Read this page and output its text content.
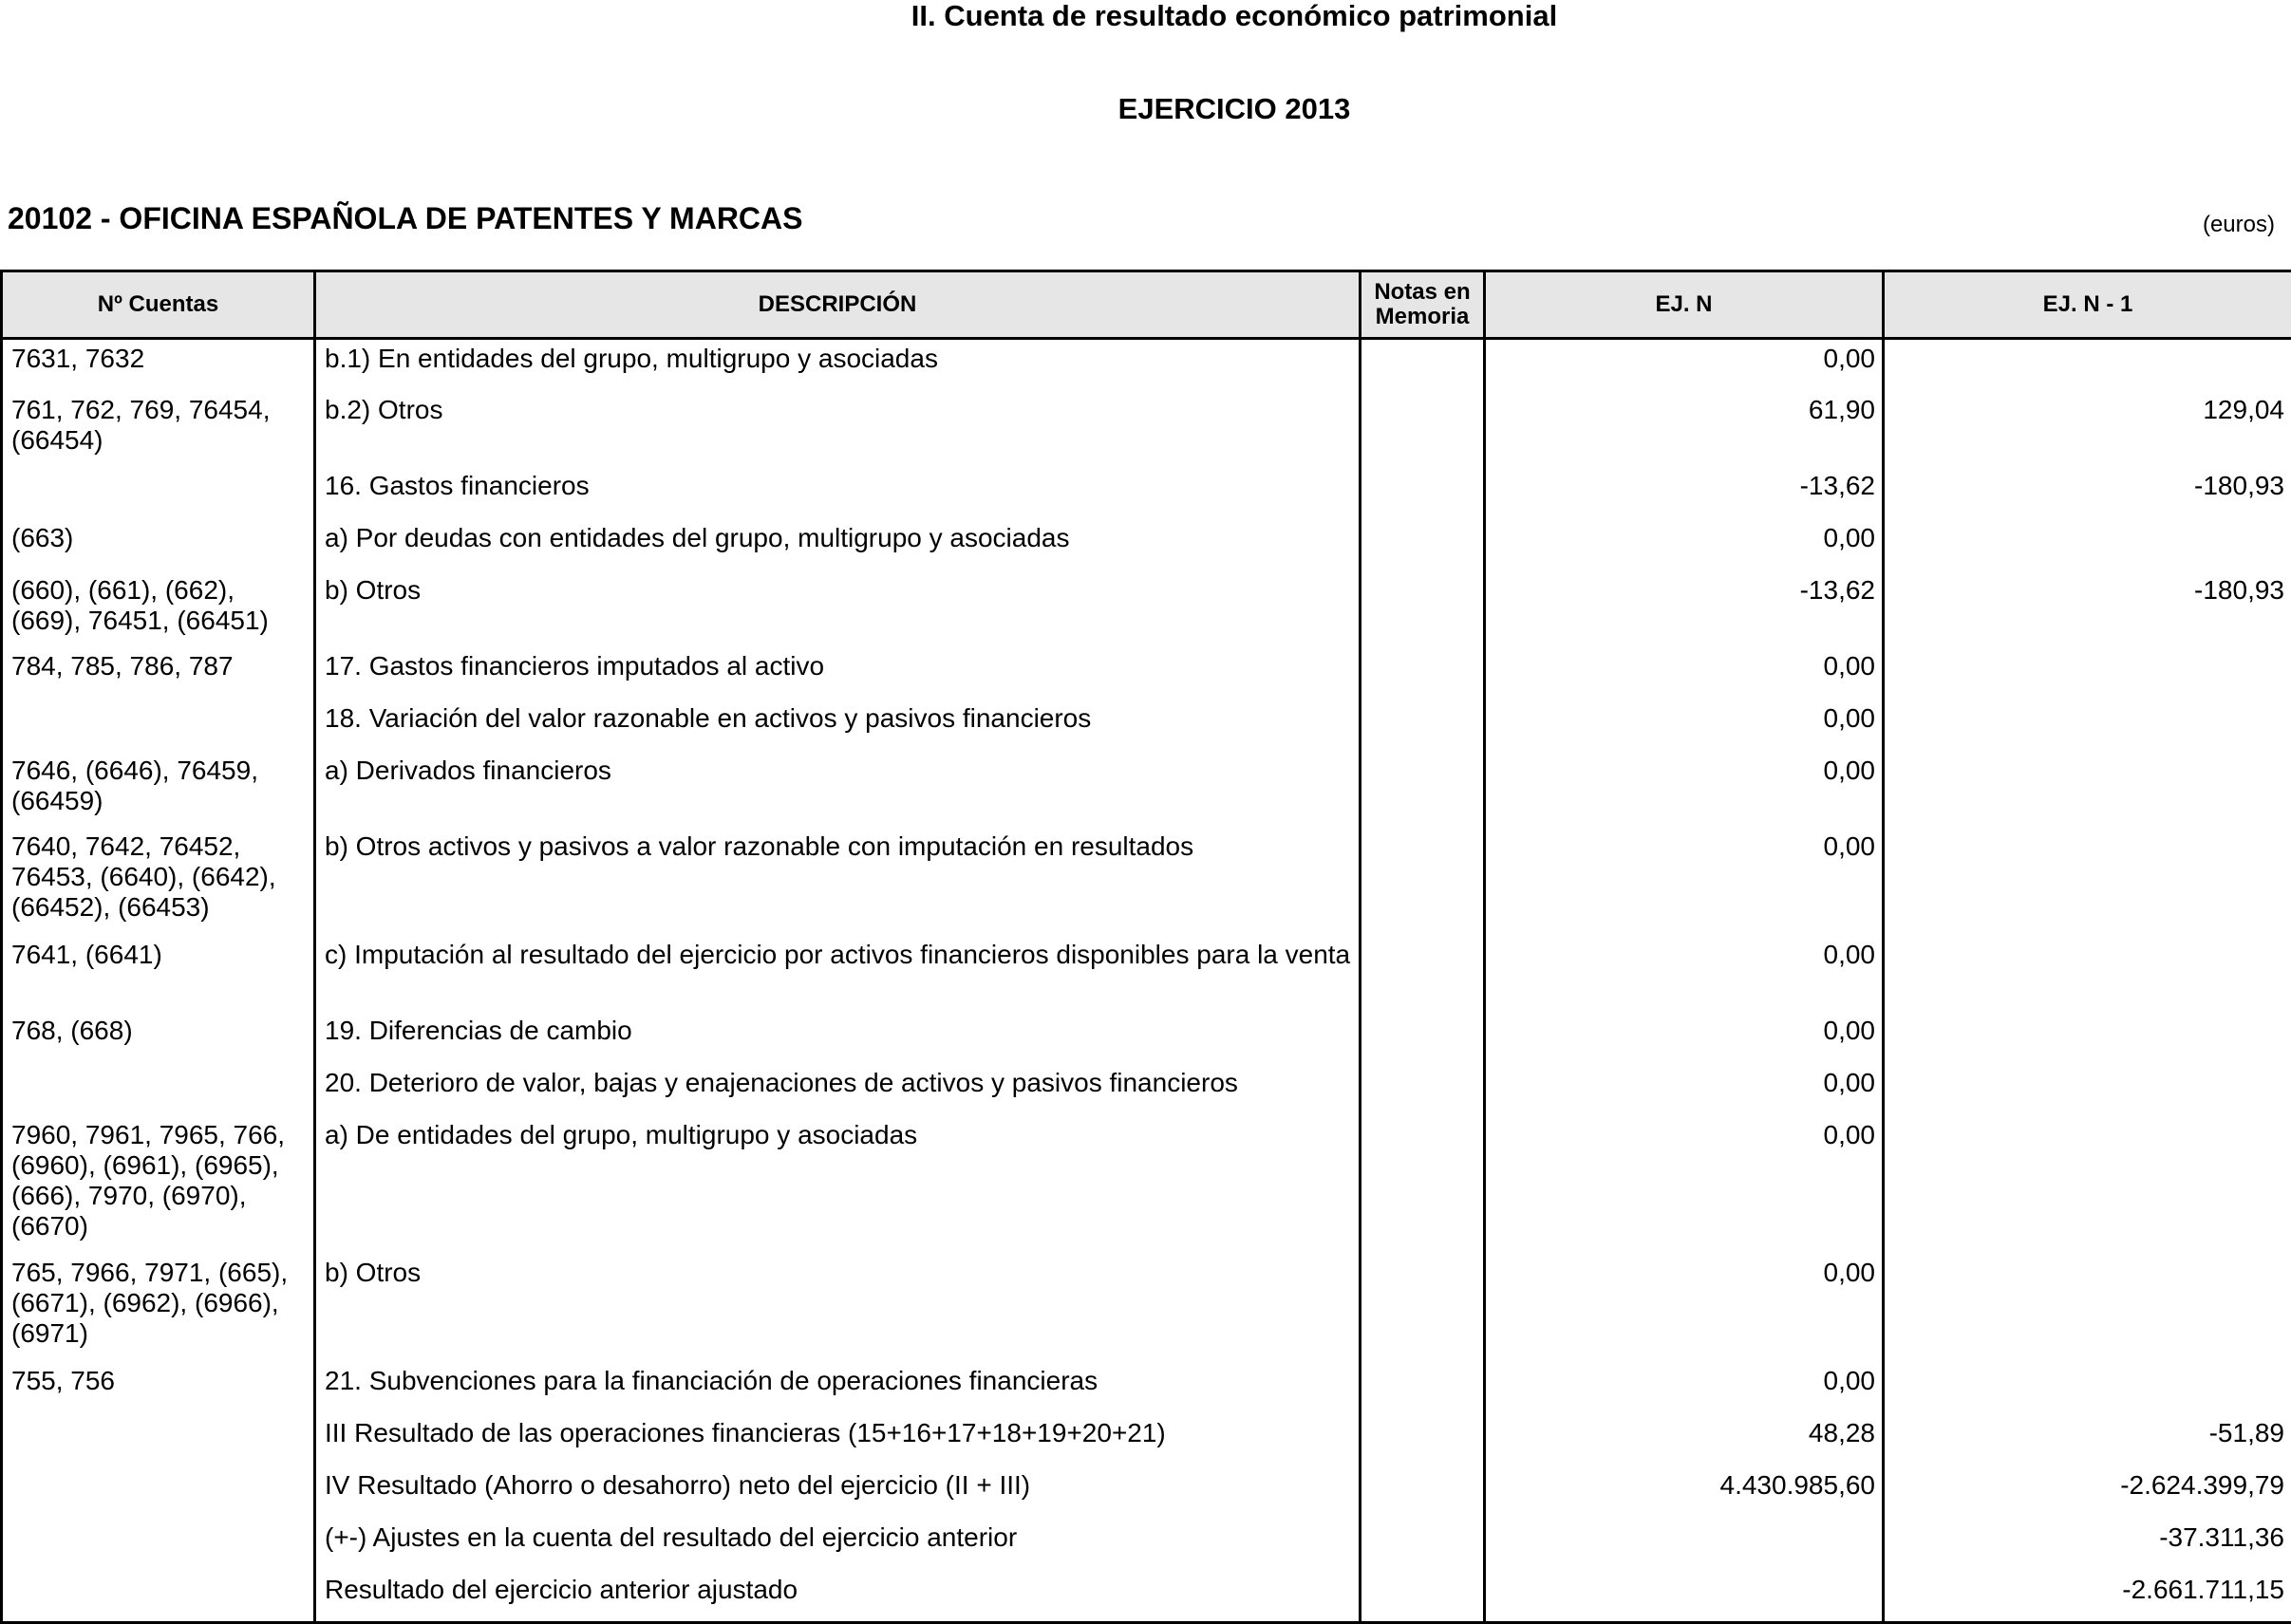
II. Cuenta de resultado económico patrimonial
EJERCICIO 2013
20102 - OFICINA ESPAÑOLA DE PATENTES Y MARCAS	(euros)
Nº Cuentas	DESCRIPCIÓN	Notas en Memoria	EJ. N	EJ. N - 1
7631, 7632	b.1) En entidades del grupo, multigrupo y asociadas		0,00	
761, 762, 769, 76454, (66454)	b.2) Otros		61,90	129,04
	16. Gastos financieros		-13,62	-180,93
(663)	a) Por deudas con entidades del grupo, multigrupo y asociadas		0,00	
(660), (661), (662), (669), 76451, (66451)	b) Otros		-13,62	-180,93
784, 785, 786, 787	17. Gastos financieros imputados al activo		0,00	
	18. Variación del valor razonable en activos y pasivos financieros		0,00	
7646, (6646), 76459, (66459)	a) Derivados financieros		0,00	
7640, 7642, 76452, 76453, (6640), (6642), (66452), (66453)	b) Otros activos y pasivos a valor razonable con imputación en resultados		0,00	
7641, (6641)	c) Imputación al resultado del ejercicio por activos financieros disponibles para la venta		0,00	
768, (668)	19. Diferencias de cambio		0,00	
	20. Deterioro de valor, bajas y enajenaciones de activos y pasivos financieros		0,00	
7960, 7961, 7965, 766, (6960), (6961), (6965), (666), 7970, (6970), (6670)	a) De entidades del grupo, multigrupo y asociadas		0,00	
765, 7966, 7971, (665), (6671), (6962), (6966), (6971)	b) Otros		0,00	
755, 756	21. Subvenciones para la financiación de operaciones financieras		0,00	
	III Resultado de las operaciones financieras (15+16+17+18+19+20+21)		48,28	-51,89
	IV Resultado (Ahorro o desahorro) neto del ejercicio (II + III)		4.430.985,60	-2.624.399,79
	(+-) Ajustes en la cuenta del resultado del ejercicio anterior			-37.311,36
	Resultado del ejercicio anterior ajustado			-2.661.711,15
